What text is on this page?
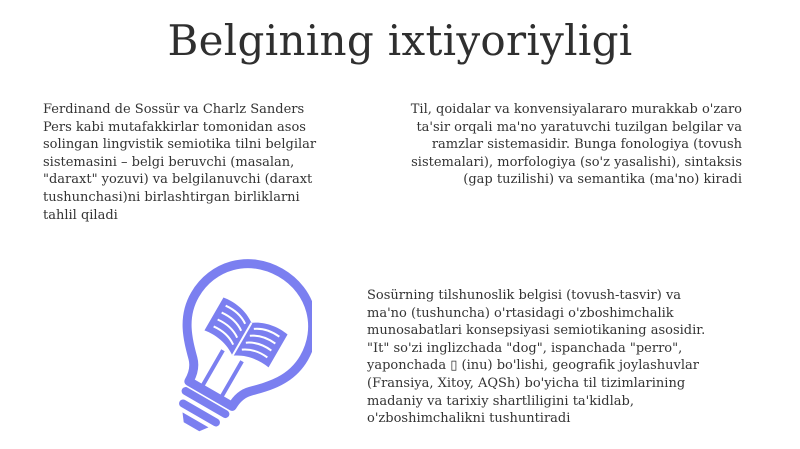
Belgining ixtiyoriyligi
Ferdinand de Sossür va Charlz Sanders
Pers kabi mutafakkirlar tomonidan asos
solingan lingvistik semiotika tilni belgilar
sistemasini – belgi beruvchi (masalan,
"daraxt" yozuvi) va belgilanuvchi (daraxt
tushunchasi)ni birlashtirgan birliklarni
tahlil qiladi
Til, qoidalar va konvensiyalararo murakkab o'zaro
ta'sir orqali ma'no yaratuvchi tuzilgan belgilar va
ramzlar sistemasidir. Bunga fonologiya (tovush
sistemalari), morfologiya (so'z yasalishi), sintaksis
(gap tuzilishi) va semantika (ma'no) kiradi
Sosürning tilshunoslik belgisi (tovush-tasvir) va
ma'no (tushuncha) o'rtasidagi o'zboshimchalik
munosabatlari konsepsiyasi semiotikaning asosidir.
"It" so'zi inglizchada "dog", ispanchada "perro",
yaponchada ▯ (inu) bo'lishi, geografik joylashuvlar
(Fransiya, Xitoy, AQSh) bo'yicha til tizimlarining
madaniy va tarixiy shartliligini ta'kidlab,
o'zboshimchalikni tushuntiradi
